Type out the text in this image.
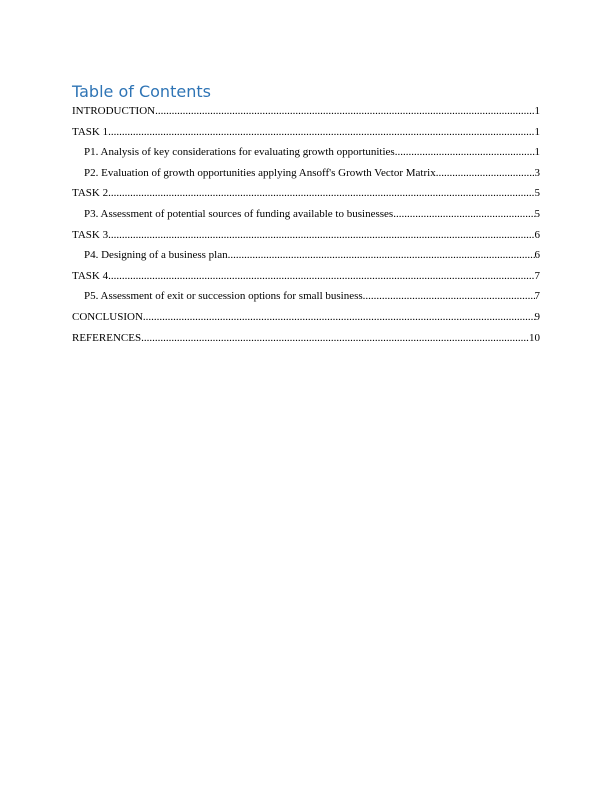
Table of Contents
INTRODUCTION .....	1
TASK 1 .....	1
P1. Analysis of key considerations for evaluating growth opportunities .....	1
P2. Evaluation of growth opportunities applying Ansoff's Growth Vector Matrix .....	3
TASK 2 .....	5
P3. Assessment of potential sources of funding available to businesses .....	5
TASK 3 .....	6
P4. Designing of a business plan .....	6
TASK 4 .....	7
P5. Assessment of exit or succession options for small business .....	7
CONCLUSION .....	9
REFERENCES .....	10
